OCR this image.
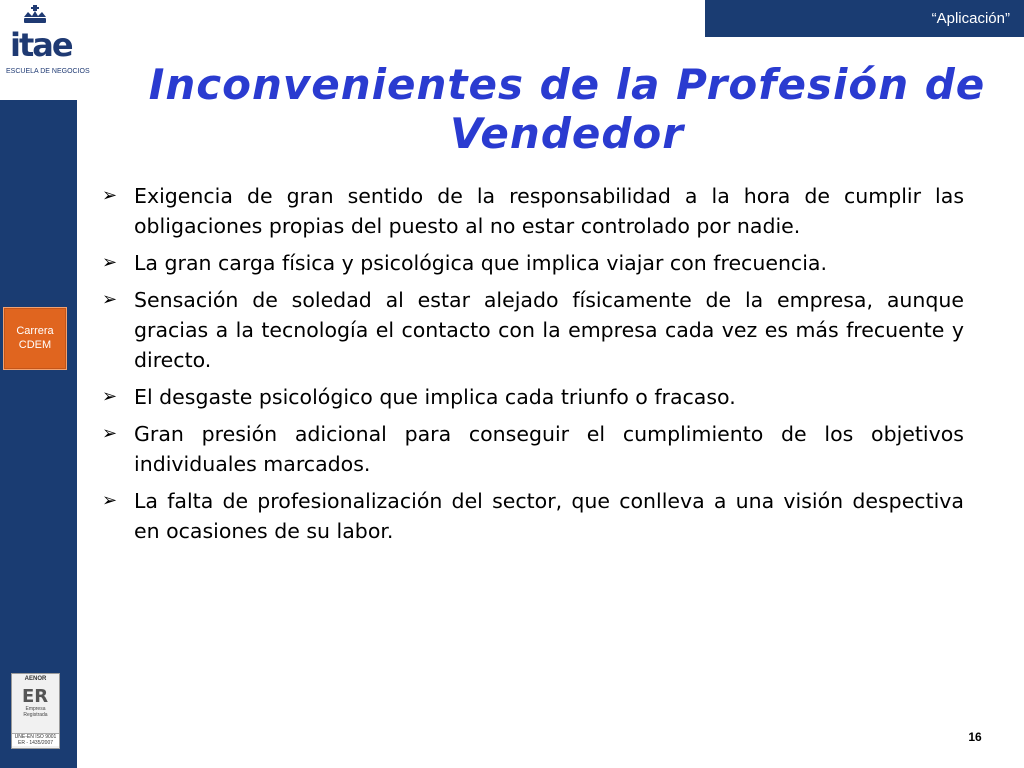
itae
ESCUELA DE NEGOCIOS
Carrera
CDEM
AENOR
ER
Empresa
Registrada
UNE-EN ISO 9001
ER - 1435/2007
“Aplicación”
Inconvenientes de la Profesión de
Vendedor
➢ Exigencia de gran sentido de la responsabilidad a la hora de cumplir las obligaciones propias del puesto al no estar controlado por nadie.
➢ La gran carga física y psicológica que implica viajar con frecuencia.
➢ Sensación de soledad al estar alejado físicamente de la empresa, aunque gracias a la tecnología el contacto con la empresa cada vez es más frecuente y directo.
➢ El desgaste psicológico que implica cada triunfo o fracaso.
➢ Gran presión adicional para conseguir el cumplimiento de los objetivos individuales marcados.
➢ La falta de profesionalización del sector, que conlleva a una visión despectiva en ocasiones de su labor.
16
